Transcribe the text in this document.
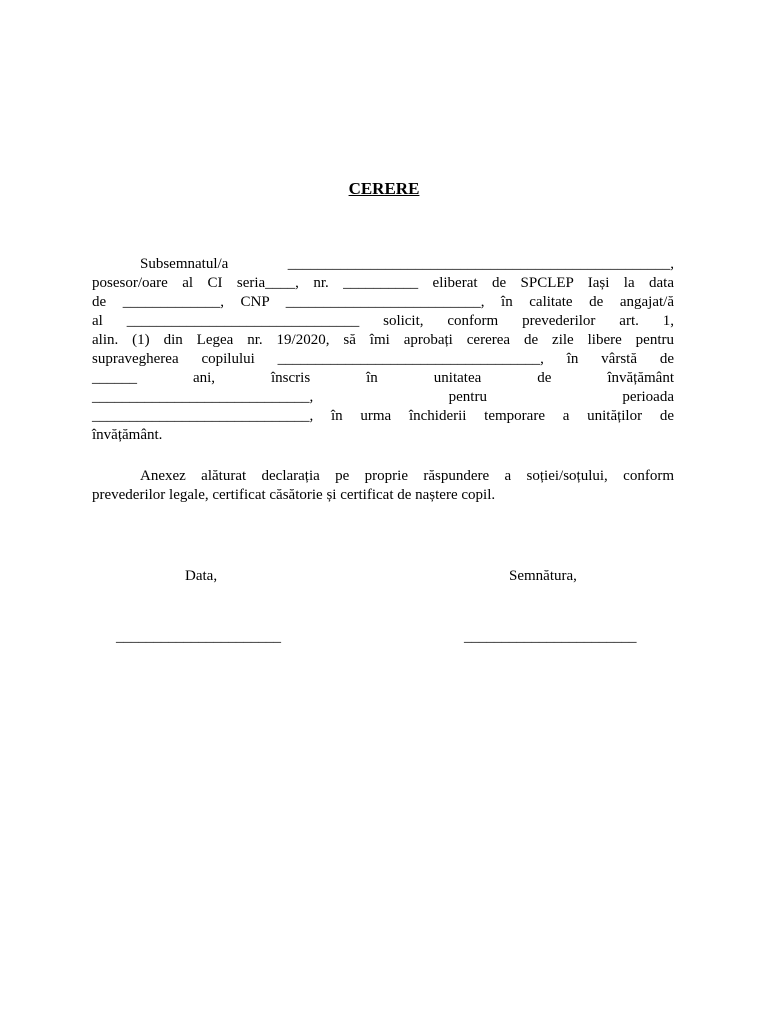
CERERE
Subsemnatul/a ___________________________________________________,
posesor/oare al CI seria____, nr. __________ eliberat de SPCLEP Iași la data
de _____________, CNP __________________________, în calitate de angajat/ă
al _______________________________ solicit, conform prevederilor art. 1,
alin. (1) din Legea nr. 19/2020, să îmi aprobați cererea de zile libere pentru
supravegherea copilului ___________________________________, în vârstă de
______ ani, înscris în unitatea de învățământ
_____________________________, pentru perioada
_____________________________, în urma închiderii temporare a unităților de
învățământ.
Anexez alăturat declarația pe proprie răspundere a soției/soțului, conform
prevederilor legale, certificat căsătorie și certificat de naștere copil.
Data,	Semnătura,
______________________	_______________________
